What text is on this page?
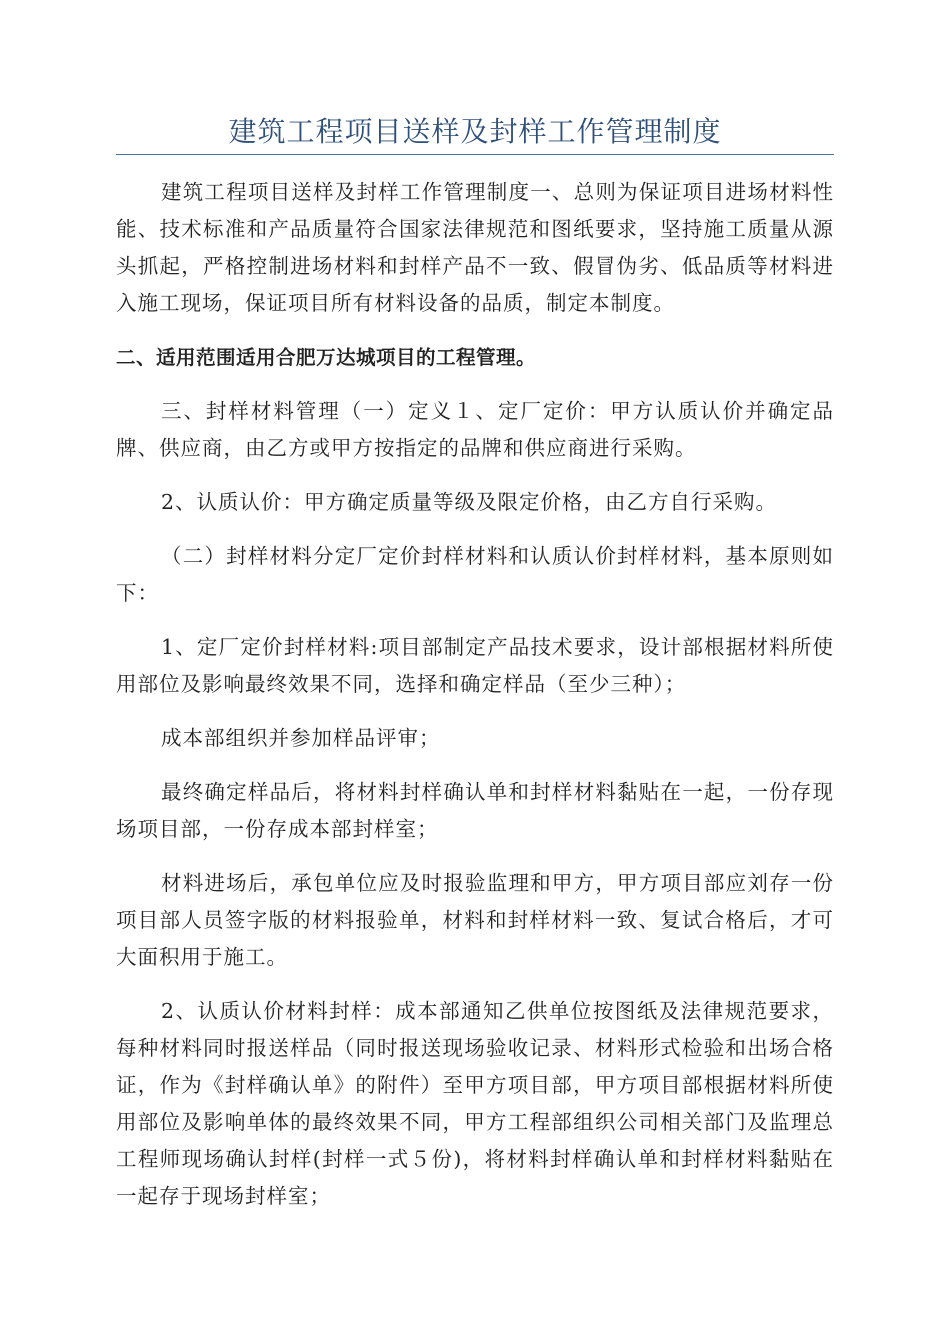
建筑工程项目送样及封样工作管理制度

建筑工程项目送样及封样工作管理制度一、总则为保证项目进场材料性能、技术标准和产品质量符合国家法律规范和图纸要求，坚持施工质量从源头抓起，严格控制进场材料和封样产品不一致、假冒伪劣、低品质等材料进入施工现场，保证项目所有材料设备的品质，制定本制度。

二、适用范围适用合肥万达城项目的工程管理。

三、封样材料管理（一）定义１、定厂定价：甲方认质认价并确定品牌、供应商，由乙方或甲方按指定的品牌和供应商进行采购。

2、认质认价：甲方确定质量等级及限定价格，由乙方自行采购。

（二）封样材料分定厂定价封样材料和认质认价封样材料，基本原则如下：

1、定厂定价封样材料:项目部制定产品技术要求，设计部根据材料所使用部位及影响最终效果不同，选择和确定样品（至少三种）；

成本部组织并参加样品评审；

最终确定样品后，将材料封样确认单和封样材料黏贴在一起，一份存现场项目部，一份存成本部封样室；

材料进场后，承包单位应及时报验监理和甲方，甲方项目部应刘存一份项目部人员签字版的材料报验单，材料和封样材料一致、复试合格后，才可大面积用于施工。

2、认质认价材料封样：成本部通知乙供单位按图纸及法律规范要求，每种材料同时报送样品（同时报送现场验收记录、材料形式检验和出场合格证，作为《封样确认单》的附件）至甲方项目部，甲方项目部根据材料所使用部位及影响单体的最终效果不同，甲方工程部组织公司相关部门及监理总工程师现场确认封样(封样一式５份)，将材料封样确认单和封样材料黏贴在一起存于现场封样室；
